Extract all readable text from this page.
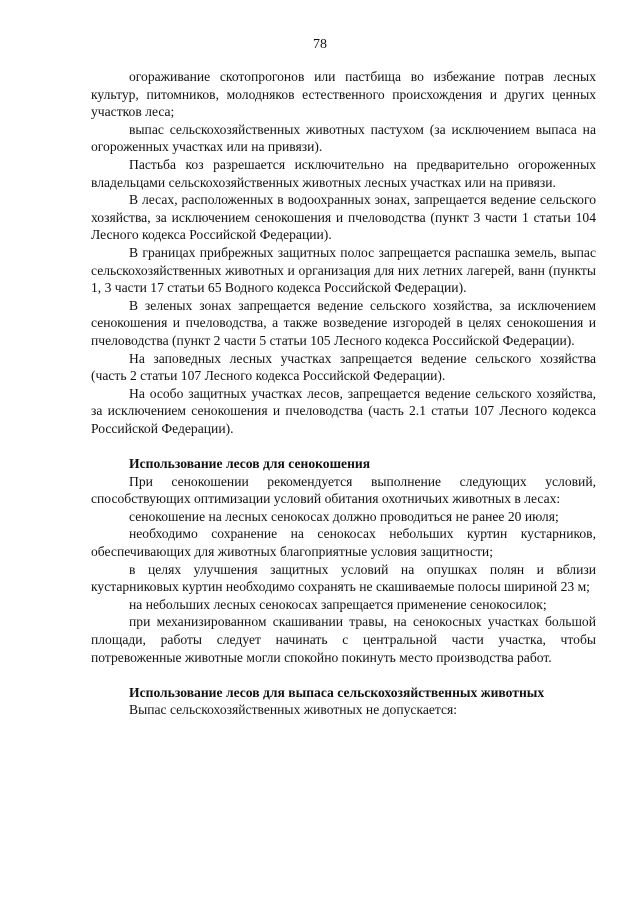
78

огораживание скотопрогонов или пастбища во избежание потрав лесных культур, питомников, молодняков естественного происхождения и других ценных участков леса;

выпас сельскохозяйственных животных пастухом (за исключением выпаса на огороженных участках или на привязи).

Пастьба коз разрешается исключительно на предварительно огороженных владельцами сельскохозяйственных животных лесных участках или на привязи.

В лесах, расположенных в водоохранных зонах, запрещается ведение сельского хозяйства, за исключением сенокошения и пчеловодства (пункт 3 части 1 статьи 104 Лесного кодекса Российской Федерации).

В границах прибрежных защитных полос запрещается распашка земель, выпас сельскохозяйственных животных и организация для них летних лагерей, ванн (пункты 1, 3 части 17 статьи 65 Водного кодекса Российской Федерации).

В зеленых зонах запрещается ведение сельского хозяйства, за исключением сенокошения и пчеловодства, а также возведение изгородей в целях сенокошения и пчеловодства (пункт 2 части 5 статьи 105 Лесного кодекса Российской Федерации).

На заповедных лесных участках запрещается ведение сельского хозяйства (часть 2 статьи 107 Лесного кодекса Российской Федерации).

На особо защитных участках лесов, запрещается ведение сельского хозяйства, за исключением сенокошения и пчеловодства (часть 2.1 статьи 107 Лесного кодекса Российской Федерации).

Использование лесов для сенокошения

При сенокошении рекомендуется выполнение следующих условий, способствующих оптимизации условий обитания охотничьих животных в лесах:

сенокошение на лесных сенокосах должно проводиться не ранее 20 июля;

необходимо сохранение на сенокосах небольших куртин кустарников, обеспечивающих для животных благоприятные условия защитности;

в целях улучшения защитных условий на опушках полян и вблизи кустарниковых куртин необходимо сохранять не скашиваемые полосы шириной 23 м;

на небольших лесных сенокосах запрещается применение сенокосилок;

при механизированном скашивании травы, на сенокосных участках большой площади, работы следует начинать с центральной части участка, чтобы потревоженные животные могли спокойно покинуть место производства работ.

Использование лесов для выпаса сельскохозяйственных животных

Выпас сельскохозяйственных животных не допускается:
